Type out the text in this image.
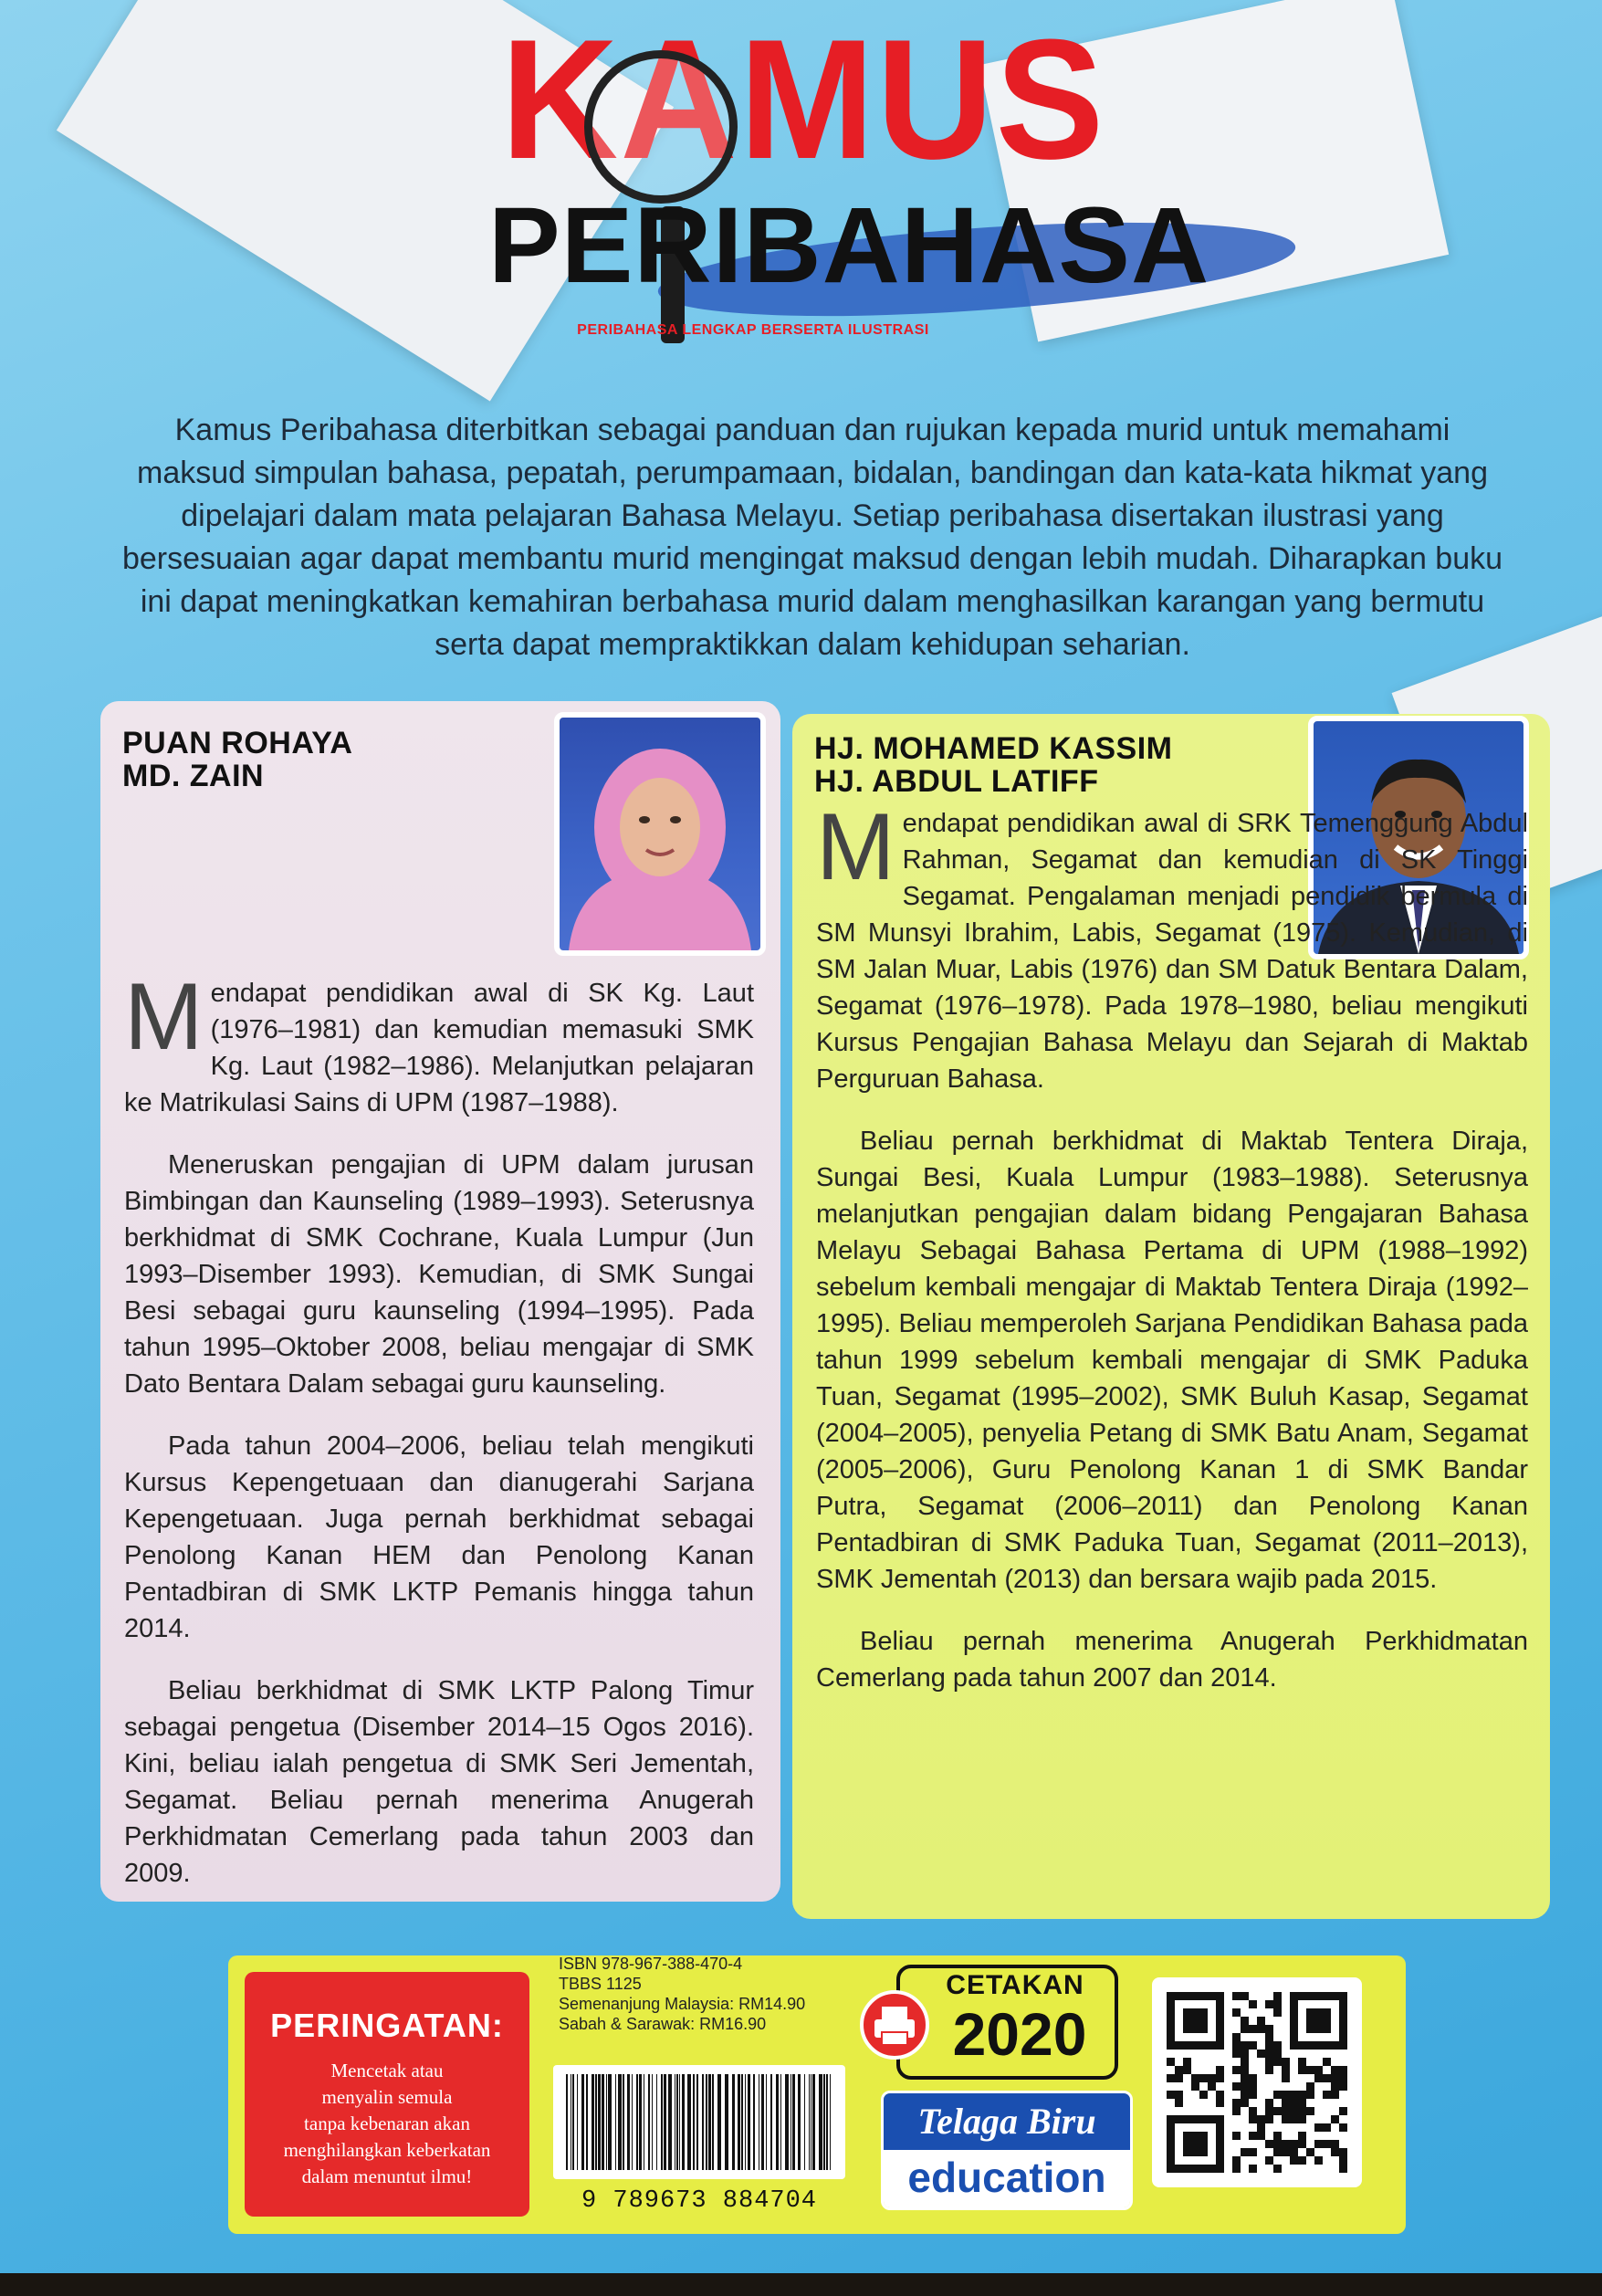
KAMUS
PERIBAHASA
PERIBAHASA LENGKAP BERSERTA ILUSTRASI
Kamus Peribahasa diterbitkan sebagai panduan dan rujukan kepada murid untuk memahami maksud simpulan bahasa, pepatah, perumpamaan, bidalan, bandingan dan kata-kata hikmat yang dipelajari dalam mata pelajaran Bahasa Melayu. Setiap peribahasa disertakan ilustrasi yang bersesuaian agar dapat membantu murid mengingat maksud dengan lebih mudah. Diharapkan buku ini dapat meningkatkan kemahiran berbahasa murid dalam menghasilkan karangan yang bermutu serta dapat mempraktikkan dalam kehidupan seharian.
PUAN ROHAYA
MD. ZAIN

Mendapat pendidikan awal di SK Kg. Laut (1976–1981) dan kemudian memasuki SMK Kg. Laut (1982–1986). Melanjutkan pelajaran ke Matrikulasi Sains di UPM (1987–1988).

Meneruskan pengajian di UPM dalam jurusan Bimbingan dan Kaunseling (1989–1993). Seterusnya berkhidmat di SMK Cochrane, Kuala Lumpur (Jun 1993–Disember 1993). Kemudian, di SMK Sungai Besi sebagai guru kaunseling (1994–1995). Pada tahun 1995–Oktober 2008, beliau mengajar di SMK Dato Bentara Dalam sebagai guru kaunseling.

Pada tahun 2004–2006, beliau telah mengikuti Kursus Kepengetuaan dan dianugerahi Sarjana Kepengetuaan. Juga pernah berkhidmat sebagai Penolong Kanan HEM dan Penolong Kanan Pentadbiran di SMK LKTP Pemanis hingga tahun 2014.

Beliau berkhidmat di SMK LKTP Palong Timur sebagai pengetua (Disember 2014–15 Ogos 2016). Kini, beliau ialah pengetua di SMK Seri Jementah, Segamat. Beliau pernah menerima Anugerah Perkhidmatan Cemerlang pada tahun 2003 dan 2009.

HJ. MOHAMED KASSIM
HJ. ABDUL LATIFF

Mendapat pendidikan awal di SRK Temenggung Abdul Rahman, Segamat dan kemudian di SK Tinggi Segamat. Pengalaman menjadi pendidik bermula di SM Munsyi Ibrahim, Labis, Segamat (1975). Kemudian, di SM Jalan Muar, Labis (1976) dan SM Datuk Bentara Dalam, Segamat (1976–1978). Pada 1978–1980, beliau mengikuti Kursus Pengajian Bahasa Melayu dan Sejarah di Maktab Perguruan Bahasa.

Beliau pernah berkhidmat di Maktab Tentera Diraja, Sungai Besi, Kuala Lumpur (1983–1988). Seterusnya melanjutkan pengajian dalam bidang Pengajaran Bahasa Melayu Sebagai Bahasa Pertama di UPM (1988–1992) sebelum kembali mengajar di Maktab Tentera Diraja (1992–1995). Beliau memperoleh Sarjana Pendidikan Bahasa pada tahun 1999 sebelum kembali mengajar di SMK Paduka Tuan, Segamat (1995–2002), SMK Buluh Kasap, Segamat (2004–2005), penyelia Petang di SMK Batu Anam, Segamat (2005–2006), Guru Penolong Kanan 1 di SMK Bandar Putra, Segamat (2006–2011) dan Penolong Kanan Pentadbiran di SMK Paduka Tuan, Segamat (2011–2013), SMK Jementah (2013) dan bersara wajib pada 2015.

Beliau pernah menerima Anugerah Perkhidmatan Cemerlang pada tahun 2007 dan 2014.

PERINGATAN:
Mencetak atau
menyalin semula
tanpa kebenaran akan
menghilangkan keberkatan
dalam menuntut ilmu!
ISBN 978-967-388-470-4
TBBS 1125
Semenanjung Malaysia: RM14.90
Sabah & Sarawak: RM16.90
9 789673 884704
CETAKAN
2020
Telaga Biru
education
